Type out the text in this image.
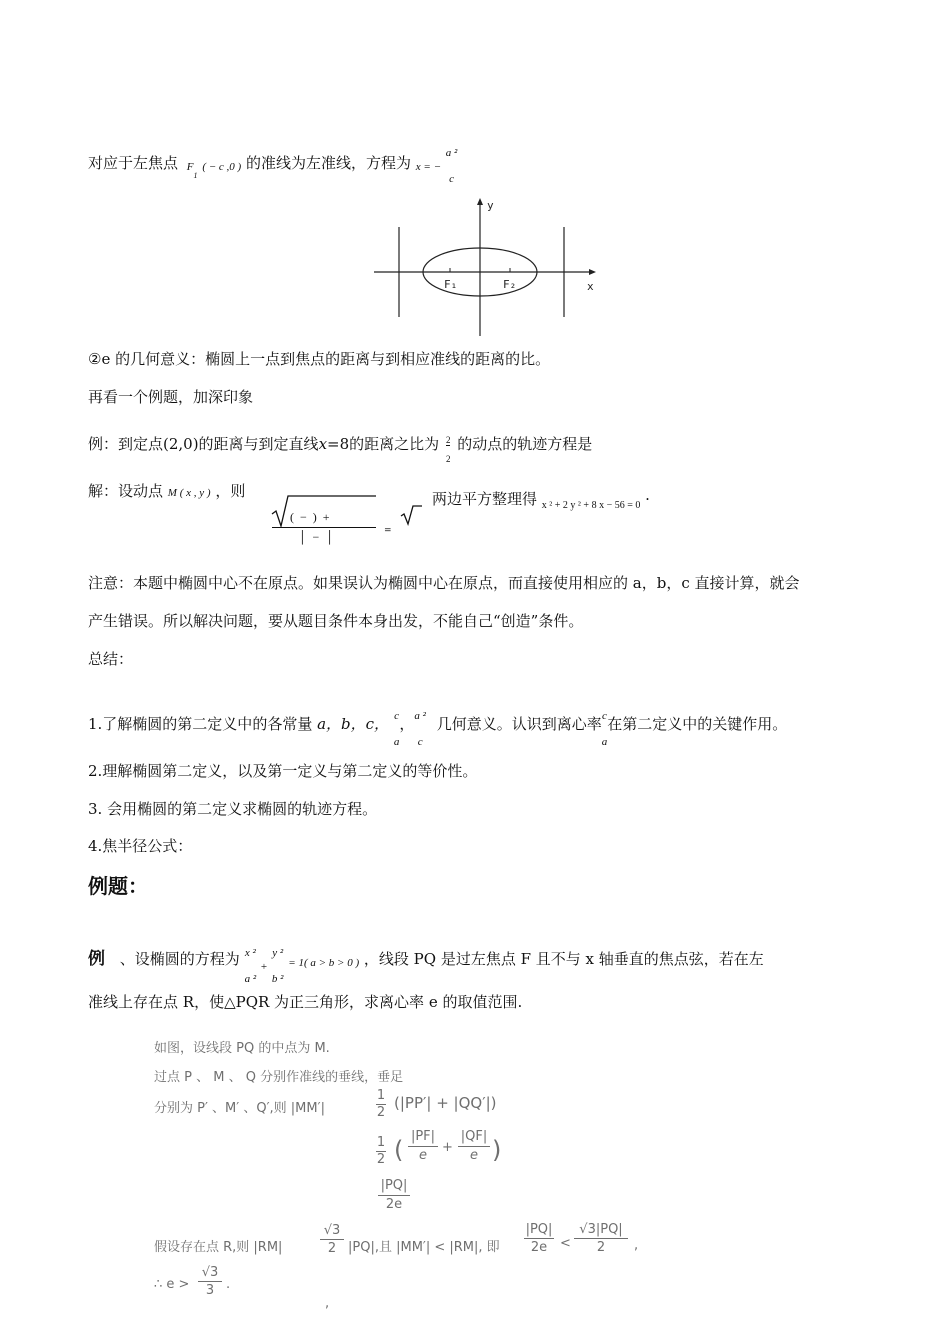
对应于左焦点 $F_1$ ( − c ,0 ) 的准线为左准线，方程为 x = −
a ²
c
y
x
F₁	F₂
②e 的几何意义：椭圆上一点到焦点的距离与到相应准线的距离的比。
再看一个例题，加深印象
例：到定点(2,0)的距离与到定直线x=8的距离之比为 $\frac{2}{2}$ 的动点的轨迹方程是
解：设动点 M ( x , y ) ，则
(  −  )  +
│  −  │	=
两边平方整理得 $_{x ^2 + 2 y ^2 + 8 x - 56 = 0}$ ·
注意：本题中椭圆中心不在原点。如果误认为椭圆中心在原点，而直接使用相应的 a，b，c 直接计算，就会
产生错误。所以解决问题，要从题目条件本身出发，不能自己“创造”条件。
总结：
1.了解椭圆的第二定义中的各常量 a，b，c， c
a
， a ²
c
几何意义。认识到离心率 c
a
在第二定义中的关键作用。
2.理解椭圆第二定义，以及第一定义与第二定义的等价性。
3. 会用椭圆的第二定义求椭圆的轨迹方程。
4.焦半径公式：
例题：
例 、设椭圆的方程为 x ²
a ²
$_+$
y ²
b ²
= 1( a > b > 0 ) ，线段 PQ 是过左焦点 F 且不与 x 轴垂直的焦点弦，若在左
准线上存在点 R，使△PQR 为正三角形，求离心率 e 的取值范围.
如图，设线段 PQ 的中点为 M.
过点 P 、 M 、 Q 分别作准线的垂线，垂足
分别为 P′ 、M′ 、Q′,则 |MM′|	$\frac{1}{2} (|PP'| + |QQ'|)$
$\frac{1}{2}$ ( $\frac{|PF|}{e} + \frac{|QF|}{e}$ )
$\frac{|PQ|}{2e}$
假设存在点 R,则 |RM|	$\frac{√3}{2} |PQ|$,且 |MM′| < |RM|, 即 $\frac{|PQ|}{2e} < \frac{√3|PQ|}{2}$ ,
∴ $e > \frac{√3}{3}$ .
,
